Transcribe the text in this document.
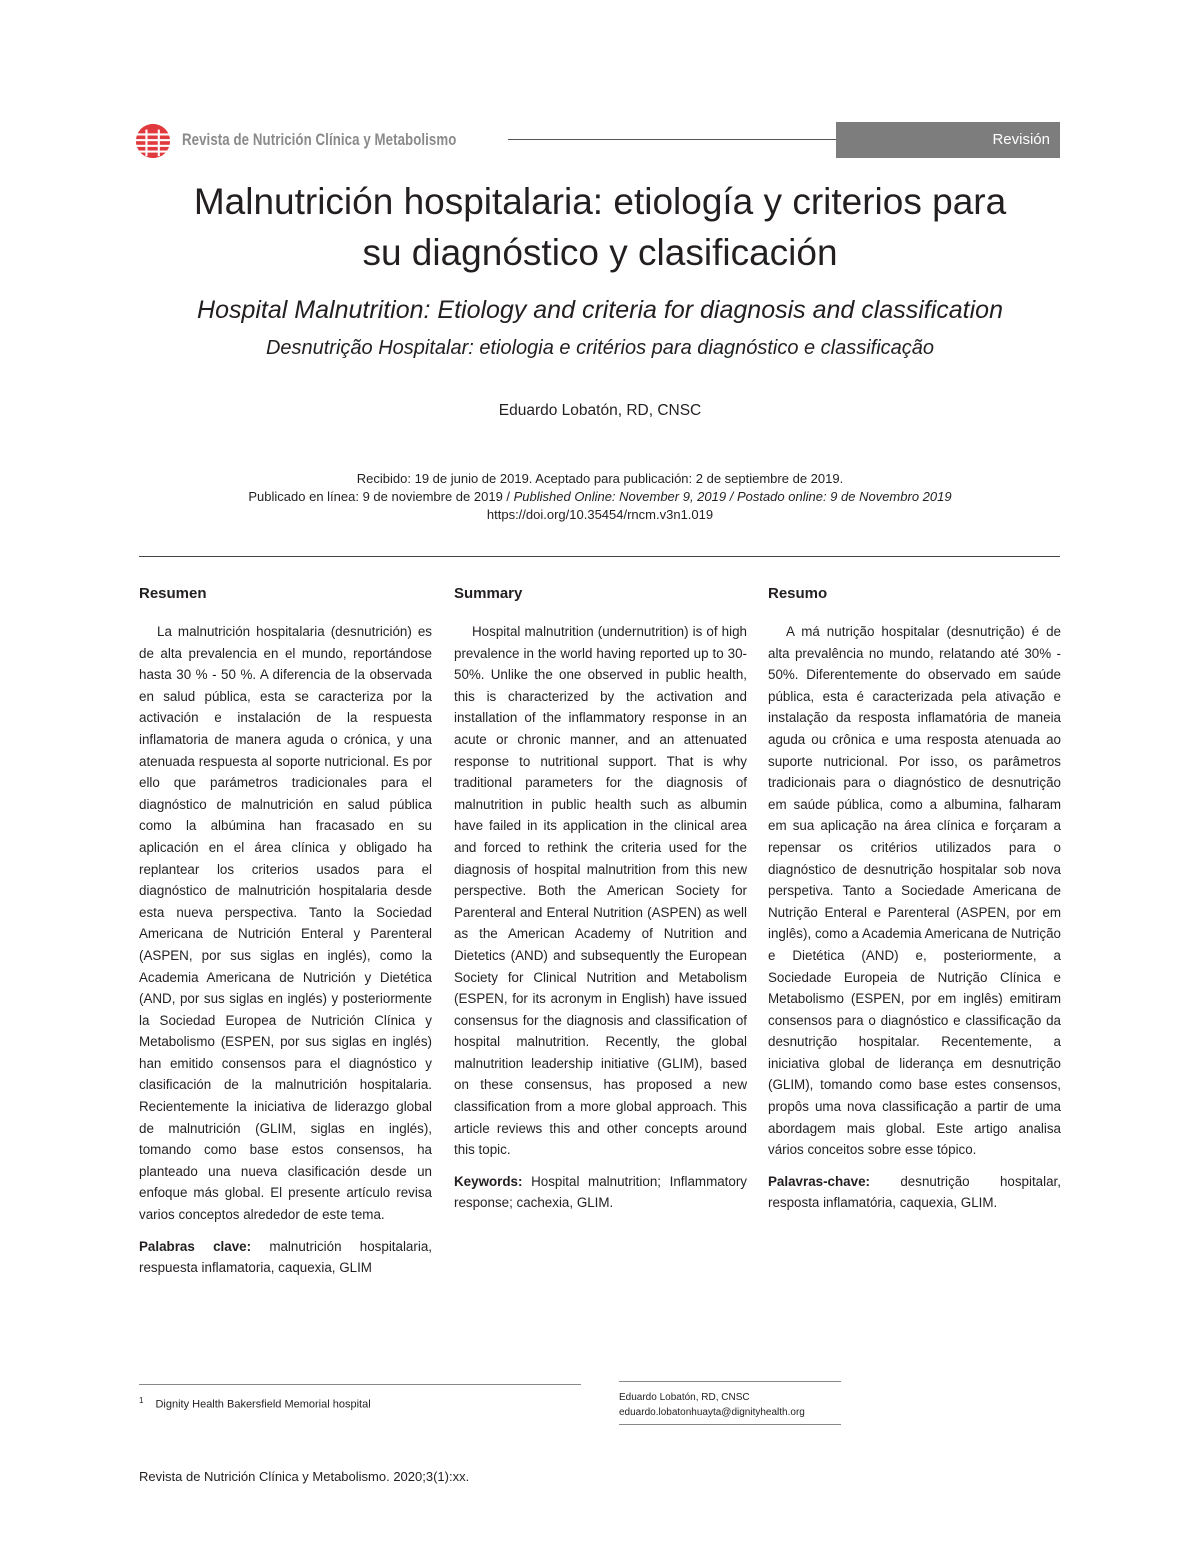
Revista de Nutrición Clínica y Metabolismo	Revisión
Malnutrición hospitalaria: etiología y criterios para
su diagnóstico y clasificación
Hospital Malnutrition: Etiology and criteria for diagnosis and classification
Desnutrição Hospitalar: etiologia e critérios para diagnóstico e classificação
Eduardo Lobatón, RD, CNSC
Recibido: 19 de junio de 2019. Aceptado para publicación: 2 de septiembre de 2019.
Publicado en línea: 9 de noviembre de 2019 / Published Online: November 9, 2019 / Postado online: 9 de Novembro 2019
https://doi.org/10.35454/rncm.v3n1.019
Resumen

La malnutrición hospitalaria (desnutrición) es de alta prevalencia en el mundo, reportándose hasta 30 % - 50 %. A diferencia de la observada en salud pública, esta se caracteriza por la activación e instalación de la respuesta inflamatoria de manera aguda o crónica, y una atenuada respuesta al soporte nutricional. Es por ello que parámetros tradicionales para el diagnóstico de malnutrición en salud pública como la albúmina han fracasado en su aplicación en el área clínica y obligado ha replantear los criterios usados para el diagnóstico de malnutrición hospitalaria desde esta nueva perspectiva. Tanto la Sociedad Americana de Nutrición Enteral y Parenteral (ASPEN, por sus siglas en inglés), como la Academia Americana de Nutrición y Dietética (AND, por sus siglas en inglés) y posteriormente la Sociedad Europea de Nutrición Clínica y Metabolismo (ESPEN, por sus siglas en inglés) han emitido consensos para el diagnóstico y clasificación de la malnutrición hospitalaria. Recientemente la iniciativa de liderazgo global de malnutrición (GLIM, siglas en inglés), tomando como base estos consensos, ha planteado una nueva clasificación desde un enfoque más global. El presente artículo revisa varios conceptos alrededor de este tema.

Palabras clave: malnutrición hospitalaria, respuesta inflamatoria, caquexia, GLIM

Summary

Hospital malnutrition (undernutrition) is of high prevalence in the world having reported up to 30-50%. Unlike the one observed in public health, this is characterized by the activation and installation of the inflammatory response in an acute or chronic manner, and an attenuated response to nutritional support. That is why traditional parameters for the diagnosis of malnutrition in public health such as albumin have failed in its application in the clinical area and forced to rethink the criteria used for the diagnosis of hospital malnutrition from this new perspective. Both the American Society for Parenteral and Enteral Nutrition (ASPEN) as well as the American Academy of Nutrition and Dietetics (AND) and subsequently the European Society for Clinical Nutrition and Metabolism (ESPEN, for its acronym in English) have issued consensus for the diagnosis and classification of hospital malnutrition. Recently, the global malnutrition leadership initiative (GLIM), based on these consensus, has proposed a new classification from a more global approach. This article reviews this and other concepts around this topic.

Keywords: Hospital malnutrition; Inflammatory response; cachexia, GLIM.

Resumo

A má nutrição hospitalar (desnutrição) é de alta prevalência no mundo, relatando até 30% - 50%. Diferentemente do observado em saúde pública, esta é caracterizada pela ativação e instalação da resposta inflamatória de maneia aguda ou crônica e uma resposta atenuada ao suporte nutricional. Por isso, os parâmetros tradicionais para o diagnóstico de desnutrição em saúde pública, como a albumina, falharam em sua aplicação na área clínica e forçaram a repensar os critérios utilizados para o diagnóstico de desnutrição hospitalar sob nova perspetiva. Tanto a Sociedade Americana de Nutrição Enteral e Parenteral (ASPEN, por em inglês), como a Academia Americana de Nutrição e Dietética (AND) e, posteriormente, a Sociedade Europeia de Nutrição Clínica e Metabolismo (ESPEN, por em inglês) emitiram consensos para o diagnóstico e classificação da desnutrição hospitalar. Recentemente, a iniciativa global de liderança em desnutrição (GLIM), tomando como base estes consensos, propôs uma nova classificação a partir de uma abordagem mais global. Este artigo analisa vários conceitos sobre esse tópico.

Palavras-chave: desnutrição hospitalar, resposta inflamatória, caquexia, GLIM.

$^1$ Dignity Health Bakersfield Memorial hospital
Eduardo Lobatón, RD, CNSC
eduardo.lobatonhuayta@dignityhealth.org
Revista de Nutrición Clínica y Metabolismo. 2020;3(1):xx.
